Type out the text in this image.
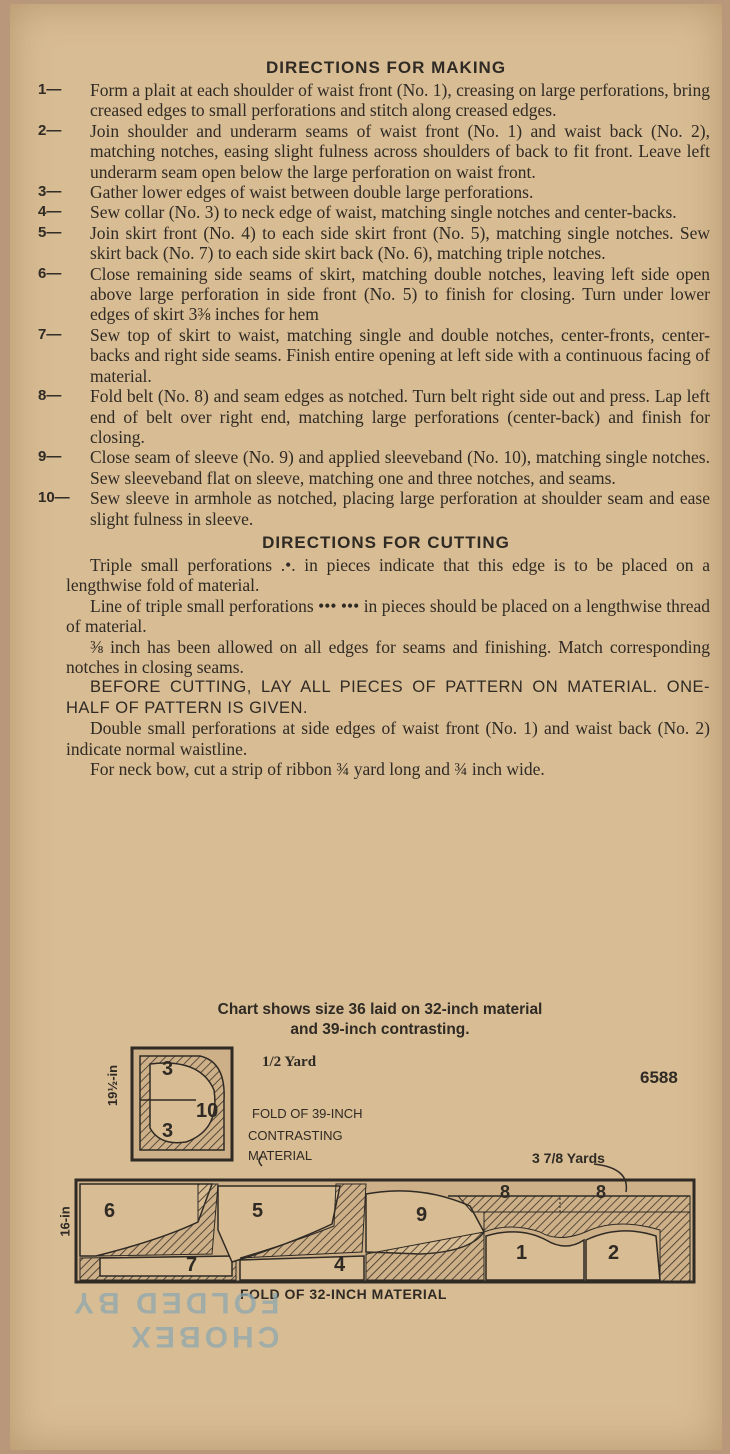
DIRECTIONS FOR MAKING
1—	Form a plait at each shoulder of waist front (No. 1), creasing on large perforations, bring creased edges to small perforations and stitch along creased edges.
2—	Join shoulder and underarm seams of waist front (No. 1) and waist back (No. 2), matching notches, easing slight fulness across shoulders of back to fit front. Leave left underarm seam open below the large perforation on waist front.
3—	Gather lower edges of waist between double large perforations.
4—	Sew collar (No. 3) to neck edge of waist, matching single notches and center-backs.
5—	Join skirt front (No. 4) to each side skirt front (No. 5), matching single notches. Sew skirt back (No. 7) to each side skirt back (No. 6), matching triple notches.
6—	Close remaining side seams of skirt, matching double notches, leaving left side open above large perforation in side front (No. 5) to finish for closing. Turn under lower edges of skirt 3⅜ inches for hem
7—	Sew top of skirt to waist, matching single and double notches, center-fronts, center-backs and right side seams. Finish entire opening at left side with a continuous facing of material.
8—	Fold belt (No. 8) and seam edges as notched. Turn belt right side out and press. Lap left end of belt over right end, matching large perforations (center-back) and finish for closing.
9—	Close seam of sleeve (No. 9) and applied sleeveband (No. 10), matching single notches. Sew sleeveband flat on sleeve, matching one and three notches, and seams.
10—	Sew sleeve in armhole as notched, placing large perforation at shoulder seam and ease slight fulness in sleeve.
DIRECTIONS FOR CUTTING

Triple small perforations .•. in pieces indicate that this edge is to be placed on a lengthwise fold of material.

Line of triple small perforations ••• ••• in pieces should be placed on a lengthwise thread of material.

⅜ inch has been allowed on all edges for seams and finishing. Match corresponding notches in closing seams.

BEFORE CUTTING, LAY ALL PIECES OF PATTERN ON MATERIAL. ONE-HALF OF PATTERN IS GIVEN.

Double small perforations at side edges of waist front (No. 1) and waist back (No. 2) indicate normal waistline.

For neck bow, cut a strip of ribbon ¾ yard long and ¾ inch wide.

Chart shows size 36 laid on 32-inch material
and 39-inch contrasting.
19½-in
1/2 Yard
6588
FOLD OF 39-INCH
CONTRASTING
MATERIAL
3
10
3
3 7/8 Yards
16-in 6	5	9
8	8
7	4
1	2
FOLD OF 32-INCH MATERIAL
CHOBEX
FOLDED BY
